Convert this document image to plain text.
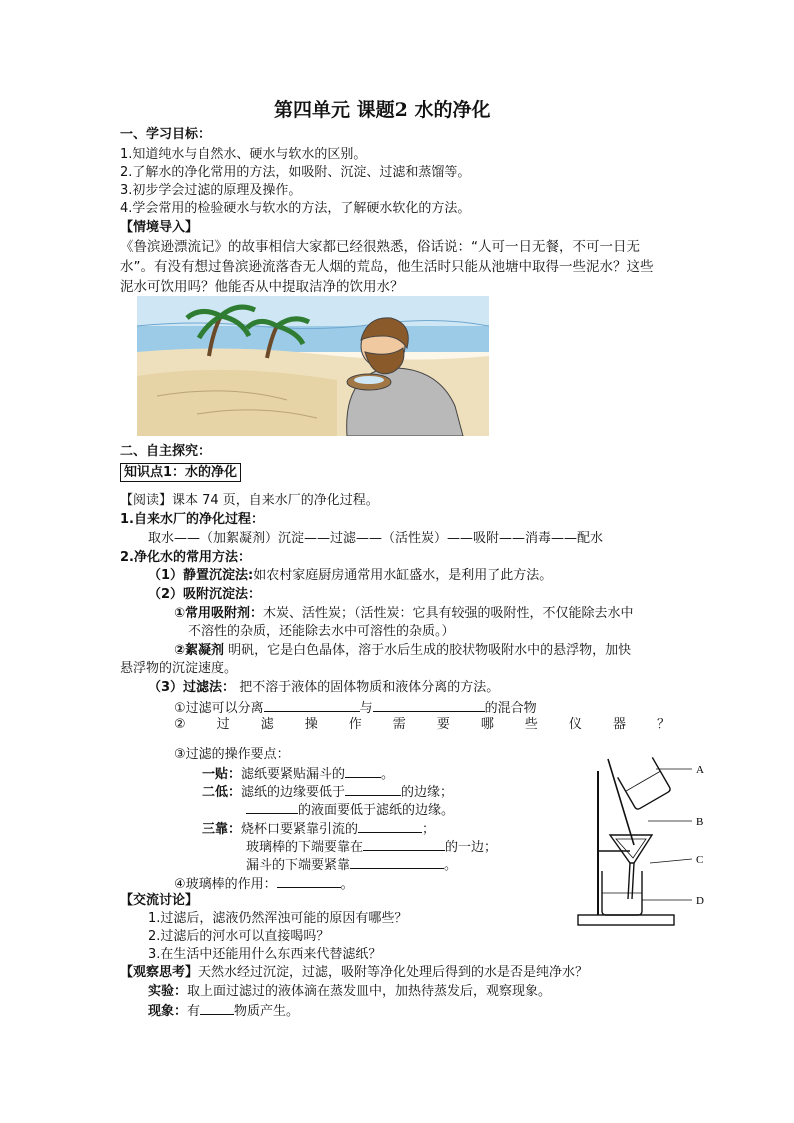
第四单元 课题2 水的净化
一、学习目标：
1.知道纯水与自然水、硬水与软水的区别。
2.了解水的净化常用的方法，如吸附、沉淀、过滤和蒸馏等。
3.初步学会过滤的原理及操作。
4.学会常用的检验硬水与软水的方法，了解硬水软化的方法。
【情境导入】
《鲁滨逊漂流记》的故事相信大家都已经很熟悉，俗话说：“人可一日无餐，不可一日无
水”。有没有想过鲁滨逊流落杳无人烟的荒岛，他生活时只能从池塘中取得一些泥水？这些
泥水可饮用吗？他能否从中提取洁净的饮用水？
二、自主探究：
知识点1：水的净化
【阅读】课本 74 页，自来水厂的净化过程。
1.自来水厂的净化过程：
取水——（加絮凝剂）沉淀——过滤——（活性炭）——吸附——消毒——配水
2.净化水的常用方法：
（1）静置沉淀法:如农村家庭厨房通常用水缸盛水，是利用了此方法。
（2）吸附沉淀法：
①常用吸附剂：木炭、活性炭；（活性炭：它具有较强的吸附性，不仅能除去水中
不溶性的杂质，还能除去水中可溶性的杂质。）
②絮凝剂 明矾，它是白色晶体，溶于水后生成的胶状物吸附水中的悬浮物，加快
悬浮物的沉淀速度。
（3）过滤法： 把不溶于液体的固体物质和液体分离的方法。
①过滤可以分离	与	的混合物
② 过 滤 操 作 需 要 哪 些 仪 器 ？
③过滤的操作要点：
一贴：滤纸要紧贴漏斗的	。
二低：滤纸的边缘要低于	的边缘；
的液面要低于滤纸的边缘。
三靠：烧杯口要紧靠引流的	；
玻璃棒的下端要靠在	的一边；
漏斗的下端要紧靠	。
④玻璃棒的作用：	。
【交流讨论】
1.过滤后，滤液仍然浑浊可能的原因有哪些？
2.过滤后的河水可以直接喝吗？
3.在生活中还能用什么东西来代替滤纸？
【观察思考】天然水经过沉淀，过滤，吸附等净化处理后得到的水是否是纯净水？
实验：取上面过滤过的液体滴在蒸发皿中，加热待蒸发后，观察现象。
现象：有	物质产生。
A
B
C
D
